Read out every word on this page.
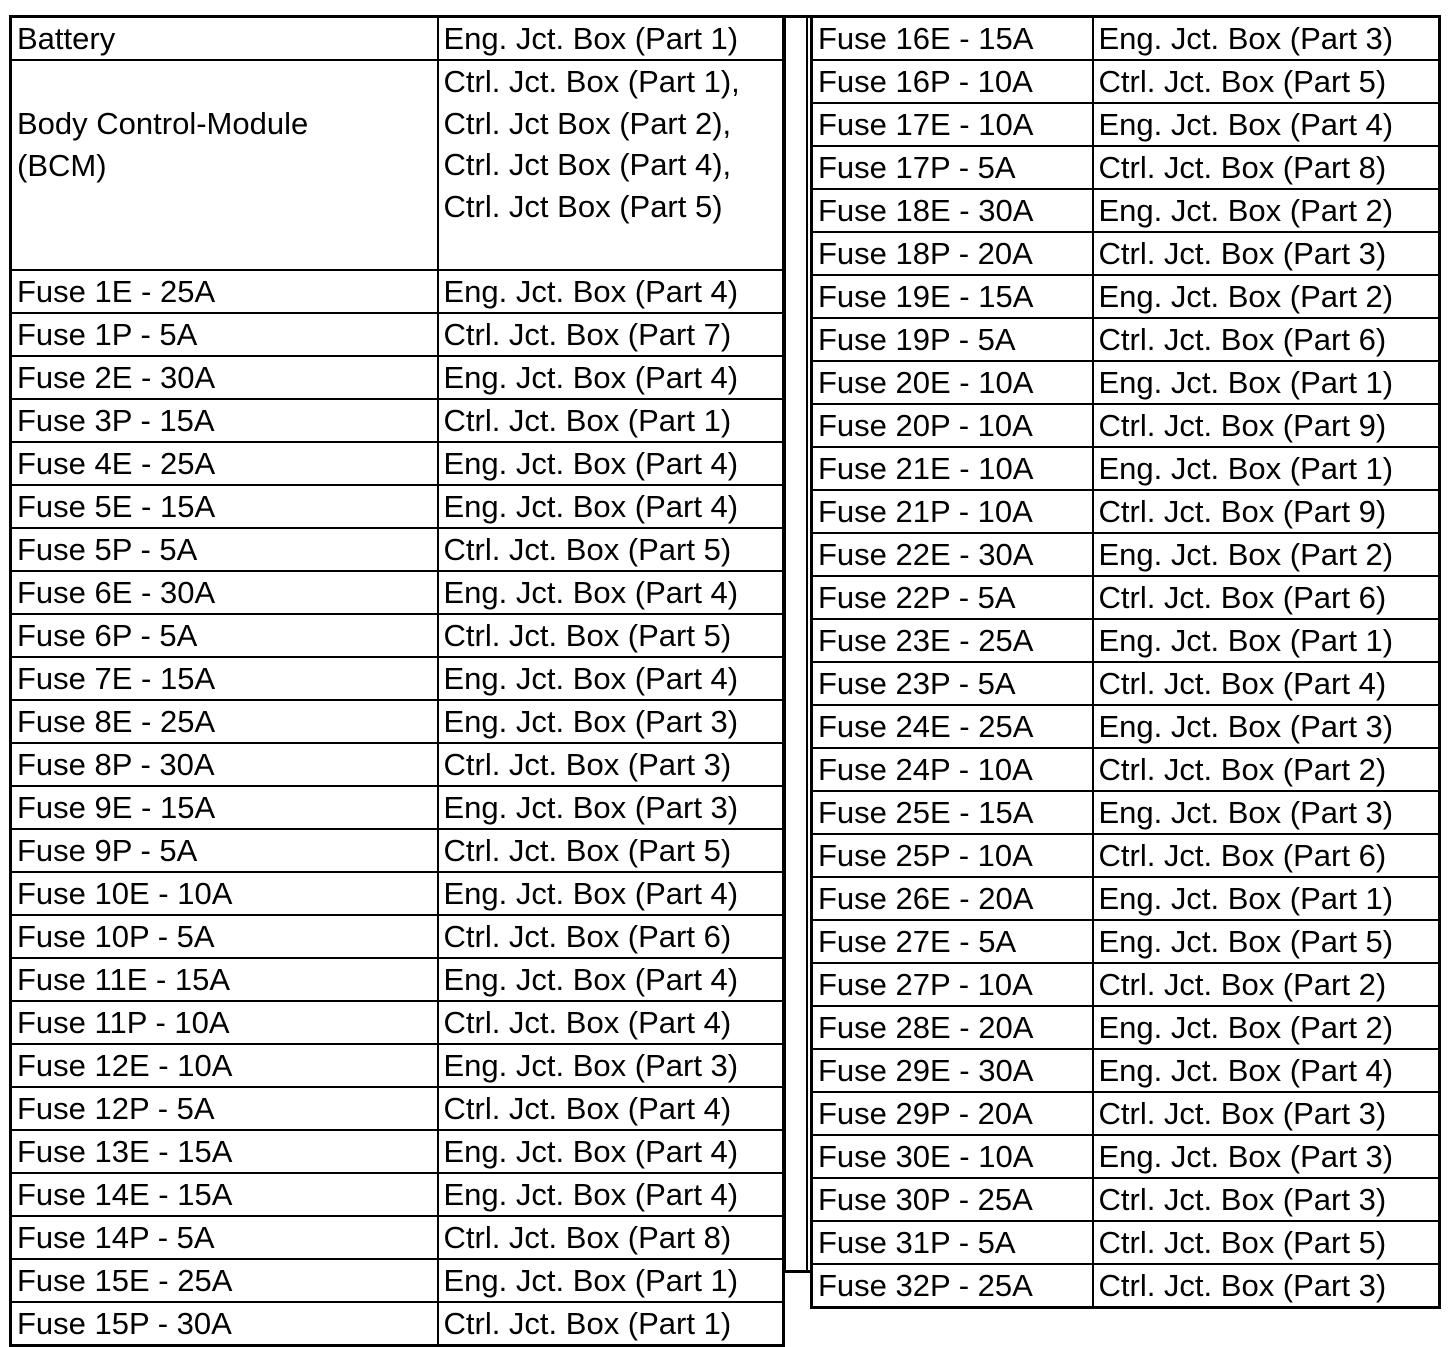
Battery	Eng. Jct. Box (Part 1)
Body Control-Module
(BCM)	Ctrl. Jct. Box (Part 1),
Ctrl. Jct Box (Part 2),
Ctrl. Jct Box (Part 4),
Ctrl. Jct Box (Part 5)
Fuse 1E - 25A	Eng. Jct. Box (Part 4)
Fuse 1P - 5A	Ctrl. Jct. Box (Part 7)
Fuse 2E - 30A	Eng. Jct. Box (Part 4)
Fuse 3P - 15A	Ctrl. Jct. Box (Part 1)
Fuse 4E - 25A	Eng. Jct. Box (Part 4)
Fuse 5E - 15A	Eng. Jct. Box (Part 4)
Fuse 5P - 5A	Ctrl. Jct. Box (Part 5)
Fuse 6E - 30A	Eng. Jct. Box (Part 4)
Fuse 6P - 5A	Ctrl. Jct. Box (Part 5)
Fuse 7E - 15A	Eng. Jct. Box (Part 4)
Fuse 8E - 25A	Eng. Jct. Box (Part 3)
Fuse 8P - 30A	Ctrl. Jct. Box (Part 3)
Fuse 9E - 15A	Eng. Jct. Box (Part 3)
Fuse 9P - 5A	Ctrl. Jct. Box (Part 5)
Fuse 10E - 10A	Eng. Jct. Box (Part 4)
Fuse 10P - 5A	Ctrl. Jct. Box (Part 6)
Fuse 11E - 15A	Eng. Jct. Box (Part 4)
Fuse 11P - 10A	Ctrl. Jct. Box (Part 4)
Fuse 12E - 10A	Eng. Jct. Box (Part 3)
Fuse 12P - 5A	Ctrl. Jct. Box (Part 4)
Fuse 13E - 15A	Eng. Jct. Box (Part 4)
Fuse 14E - 15A	Eng. Jct. Box (Part 4)
Fuse 14P - 5A	Ctrl. Jct. Box (Part 8)
Fuse 15E - 25A	Eng. Jct. Box (Part 1)
Fuse 15P - 30A	Ctrl. Jct. Box (Part 1)
Fuse 16E - 15A	Eng. Jct. Box (Part 3)
Fuse 16P - 10A	Ctrl. Jct. Box (Part 5)
Fuse 17E - 10A	Eng. Jct. Box (Part 4)
Fuse 17P - 5A	Ctrl. Jct. Box (Part 8)
Fuse 18E - 30A	Eng. Jct. Box (Part 2)
Fuse 18P - 20A	Ctrl. Jct. Box (Part 3)
Fuse 19E - 15A	Eng. Jct. Box (Part 2)
Fuse 19P - 5A	Ctrl. Jct. Box (Part 6)
Fuse 20E - 10A	Eng. Jct. Box (Part 1)
Fuse 20P - 10A	Ctrl. Jct. Box (Part 9)
Fuse 21E - 10A	Eng. Jct. Box (Part 1)
Fuse 21P - 10A	Ctrl. Jct. Box (Part 9)
Fuse 22E - 30A	Eng. Jct. Box (Part 2)
Fuse 22P - 5A	Ctrl. Jct. Box (Part 6)
Fuse 23E - 25A	Eng. Jct. Box (Part 1)
Fuse 23P - 5A	Ctrl. Jct. Box (Part 4)
Fuse 24E - 25A	Eng. Jct. Box (Part 3)
Fuse 24P - 10A	Ctrl. Jct. Box (Part 2)
Fuse 25E - 15A	Eng. Jct. Box (Part 3)
Fuse 25P - 10A	Ctrl. Jct. Box (Part 6)
Fuse 26E - 20A	Eng. Jct. Box (Part 1)
Fuse 27E - 5A	Eng. Jct. Box (Part 5)
Fuse 27P - 10A	Ctrl. Jct. Box (Part 2)
Fuse 28E - 20A	Eng. Jct. Box (Part 2)
Fuse 29E - 30A	Eng. Jct. Box (Part 4)
Fuse 29P - 20A	Ctrl. Jct. Box (Part 3)
Fuse 30E - 10A	Eng. Jct. Box (Part 3)
Fuse 30P - 25A	Ctrl. Jct. Box (Part 3)
Fuse 31P - 5A	Ctrl. Jct. Box (Part 5)
Fuse 32P - 25A	Ctrl. Jct. Box (Part 3)
